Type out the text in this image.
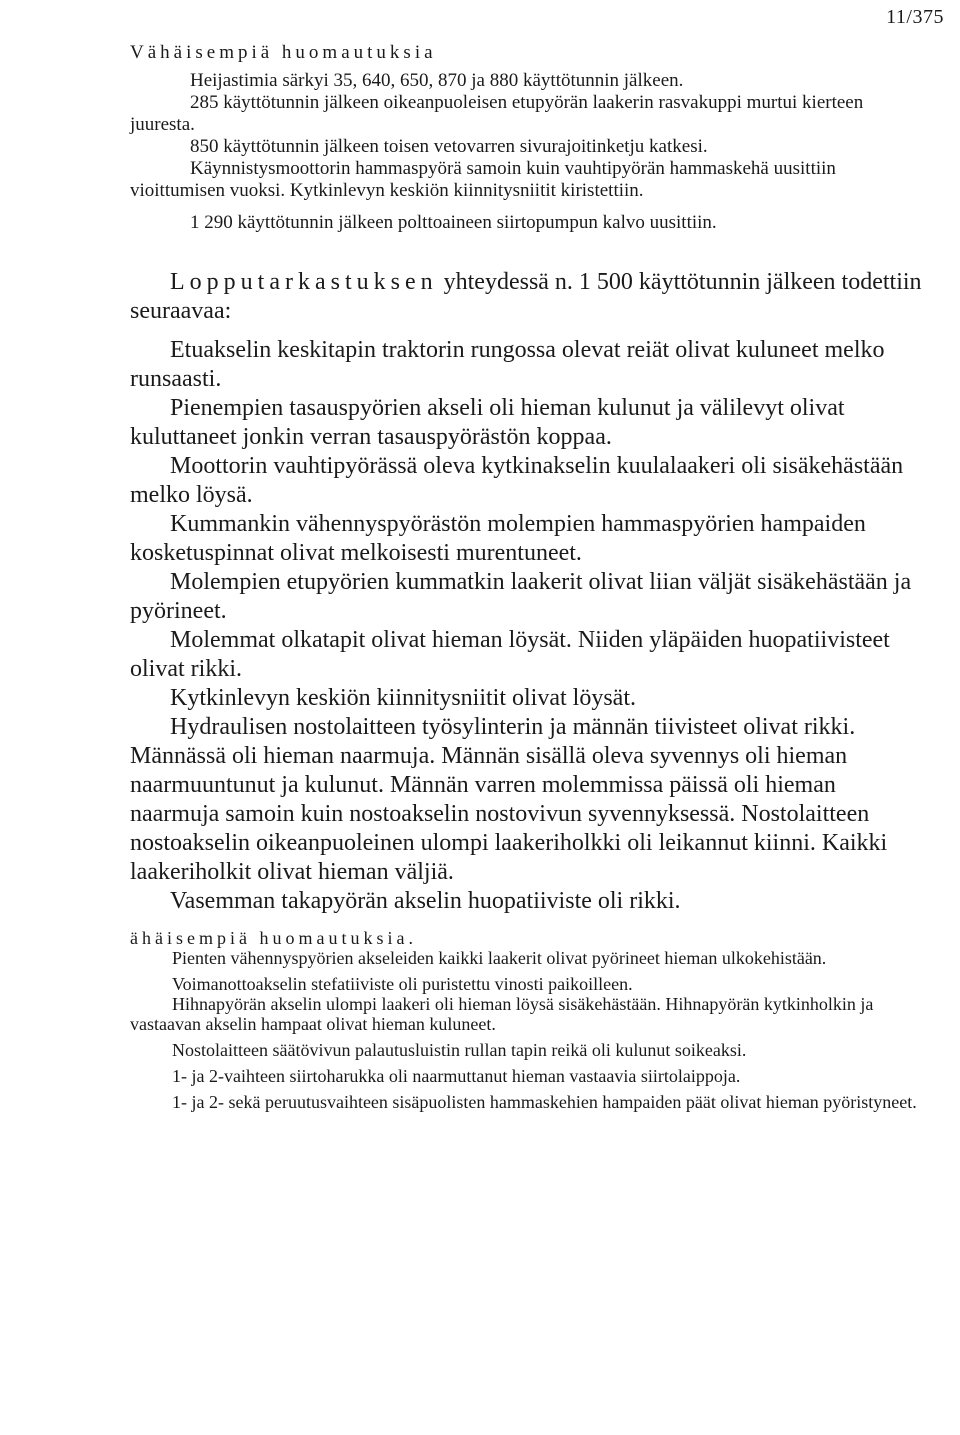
11/375

Vähäisempiä huomautuksia

Heijastimia särkyi 35, 640, 650, 870 ja 880 käyttötunnin jälkeen.

285 käyttötunnin jälkeen oikeanpuoleisen etupyörän laakerin rasvakuppi murtui kierteen juuresta.

850 käyttötunnin jälkeen toisen vetovarren sivurajoitinketju katkesi.

Käynnistysmoottorin hammaspyörä samoin kuin vauhtipyörän hammaskehä uusittiin vioittumisen vuoksi. Kytkinlevyn keskiön kiinnitysniitit kiristettiin.

1 290 käyttötunnin jälkeen polttoaineen siirtopumpun kalvo uusittiin.

Lopputarkastuksen yhteydessä n. 1 500 käyttötunnin jälkeen todettiin seuraavaa:

Etuakselin keskitapin traktorin rungossa olevat reiät olivat kuluneet melko runsaasti.

Pienempien tasauspyörien akseli oli hieman kulunut ja välilevyt olivat kuluttaneet jonkin verran tasauspyörästön koppaa.

Moottorin vauhtipyörässä oleva kytkinakselin kuulalaakeri oli sisäkehästään melko löysä.

Kummankin vähennyspyörästön molempien hammaspyörien hampaiden kosketuspinnat olivat melkoisesti murentuneet.

Molempien etupyörien kummatkin laakerit olivat liian väljät sisäkehästään ja pyörineet.

Molemmat olkatapit olivat hieman löysät. Niiden yläpäiden huopatiivisteet olivat rikki.

Kytkinlevyn keskiön kiinnitysniitit olivat löysät.

Hydraulisen nostolaitteen työsylinterin ja männän tiivisteet olivat rikki. Männässä oli hieman naarmuja. Männän sisällä oleva syvennys oli hieman naarmuuntunut ja kulunut. Männän varren molemmissa päissä oli hieman naarmuja samoin kuin nostoakselin nostovivun syvennyksessä. Nostolaitteen nostoakselin oikeanpuoleinen ulompi laakeriholkki oli leikannut kiinni. Kaikki laakeriholkit olivat hieman väljiä.

Vasemman takapyörän akselin huopatiiviste oli rikki.

ähäisempiä huomautuksia.

Pienten vähennyspyörien akseleiden kaikki laakerit olivat pyörineet hieman ulkokehistään.

Voimanottoakselin stefatiiviste oli puristettu vinosti paikoilleen.

Hihnapyörän akselin ulompi laakeri oli hieman löysä sisäkehästään. Hihnapyörän kytkinholkin ja vastaavan akselin hampaat olivat hieman kuluneet.

Nostolaitteen säätövivun palautusluistin rullan tapin reikä oli kulunut soikeaksi.

1- ja 2-vaihteen siirtoharukka oli naarmuttanut hieman vastaavia siirtolaippoja.

1- ja 2- sekä peruutusvaihteen sisäpuolisten hammaskehien hampaiden päät olivat hieman pyöristyneet.
